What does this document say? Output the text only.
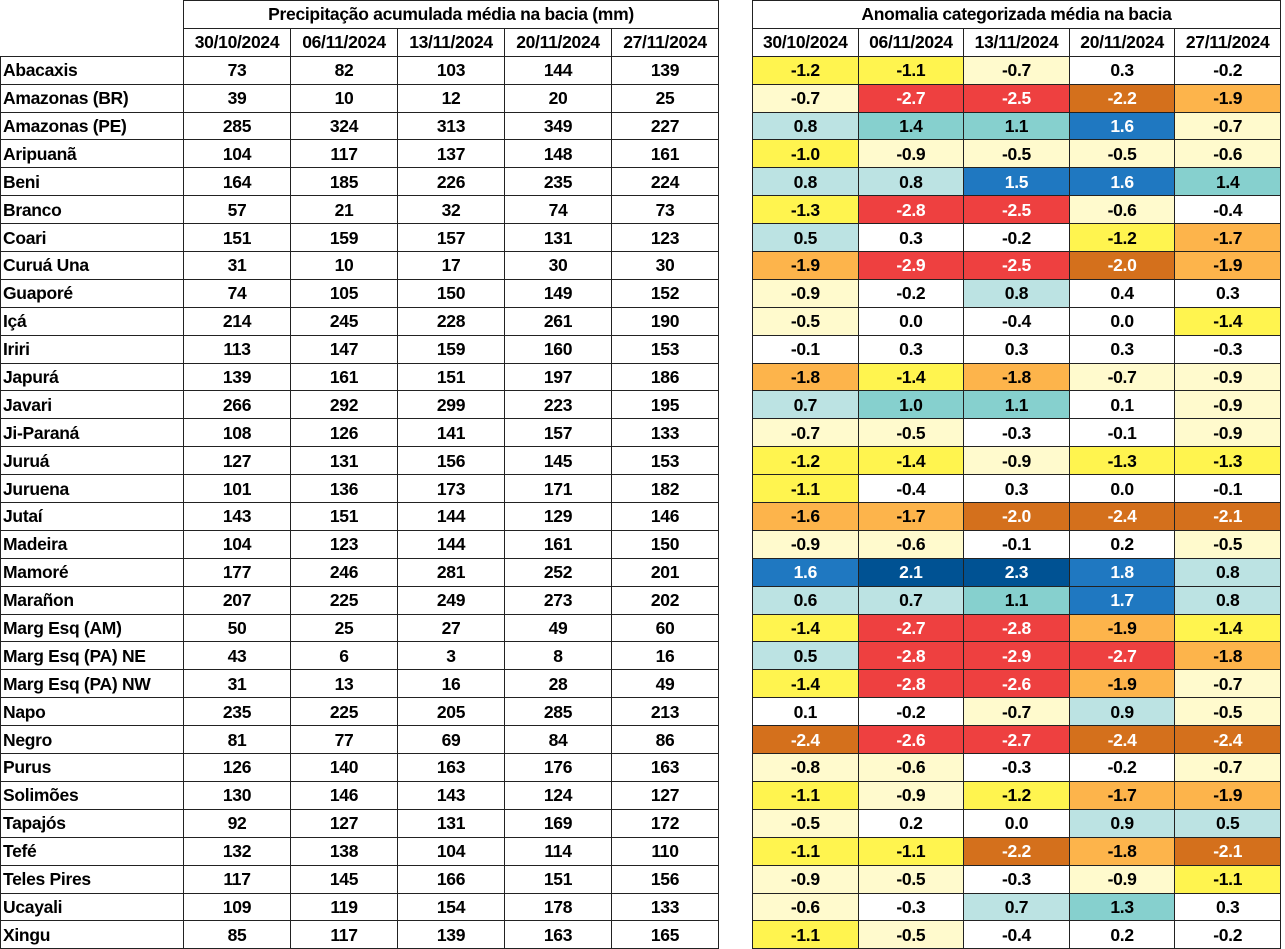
	Precipitação acumulada média na bacia (mm)				
	30/10/2024	06/11/2024	13/11/2024	20/11/2024	27/11/2024
Abacaxis	73	82	103	144	139
Amazonas (BR)	39	10	12	20	25
Amazonas (PE)	285	324	313	349	227
Aripuanã	104	117	137	148	161
Beni	164	185	226	235	224
Branco	57	21	32	74	73
Coari	151	159	157	131	123
Curuá Una	31	10	17	30	30
Guaporé	74	105	150	149	152
Içá	214	245	228	261	190
Iriri	113	147	159	160	153
Japurá	139	161	151	197	186
Javari	266	292	299	223	195
Ji-Paraná	108	126	141	157	133
Juruá	127	131	156	145	153
Juruena	101	136	173	171	182
Jutaí	143	151	144	129	146
Madeira	104	123	144	161	150
Mamoré	177	246	281	252	201
Marañon	207	225	249	273	202
Marg Esq (AM)	50	25	27	49	60
Marg Esq (PA) NE	43	6	3	8	16
Marg Esq (PA) NW	31	13	16	28	49
Napo	235	225	205	285	213
Negro	81	77	69	84	86
Purus	126	140	163	176	163
Solimões	130	146	143	124	127
Tapajós	92	127	131	169	172
Tefé	132	138	104	114	110
Teles Pires	117	145	166	151	156
Ucayali	109	119	154	178	133
Xingu	85	117	139	163	165
Anomalia categorizada média na bacia				
30/10/2024	06/11/2024	13/11/2024	20/11/2024	27/11/2024
-1.2	-1.1	-0.7	0.3	-0.2
-0.7	-2.7	-2.5	-2.2	-1.9
0.8	1.4	1.1	1.6	-0.7
-1.0	-0.9	-0.5	-0.5	-0.6
0.8	0.8	1.5	1.6	1.4
-1.3	-2.8	-2.5	-0.6	-0.4
0.5	0.3	-0.2	-1.2	-1.7
-1.9	-2.9	-2.5	-2.0	-1.9
-0.9	-0.2	0.8	0.4	0.3
-0.5	0.0	-0.4	0.0	-1.4
-0.1	0.3	0.3	0.3	-0.3
-1.8	-1.4	-1.8	-0.7	-0.9
0.7	1.0	1.1	0.1	-0.9
-0.7	-0.5	-0.3	-0.1	-0.9
-1.2	-1.4	-0.9	-1.3	-1.3
-1.1	-0.4	0.3	0.0	-0.1
-1.6	-1.7	-2.0	-2.4	-2.1
-0.9	-0.6	-0.1	0.2	-0.5
1.6	2.1	2.3	1.8	0.8
0.6	0.7	1.1	1.7	0.8
-1.4	-2.7	-2.8	-1.9	-1.4
0.5	-2.8	-2.9	-2.7	-1.8
-1.4	-2.8	-2.6	-1.9	-0.7
0.1	-0.2	-0.7	0.9	-0.5
-2.4	-2.6	-2.7	-2.4	-2.4
-0.8	-0.6	-0.3	-0.2	-0.7
-1.1	-0.9	-1.2	-1.7	-1.9
-0.5	0.2	0.0	0.9	0.5
-1.1	-1.1	-2.2	-1.8	-2.1
-0.9	-0.5	-0.3	-0.9	-1.1
-0.6	-0.3	0.7	1.3	0.3
-1.1	-0.5	-0.4	0.2	-0.2
